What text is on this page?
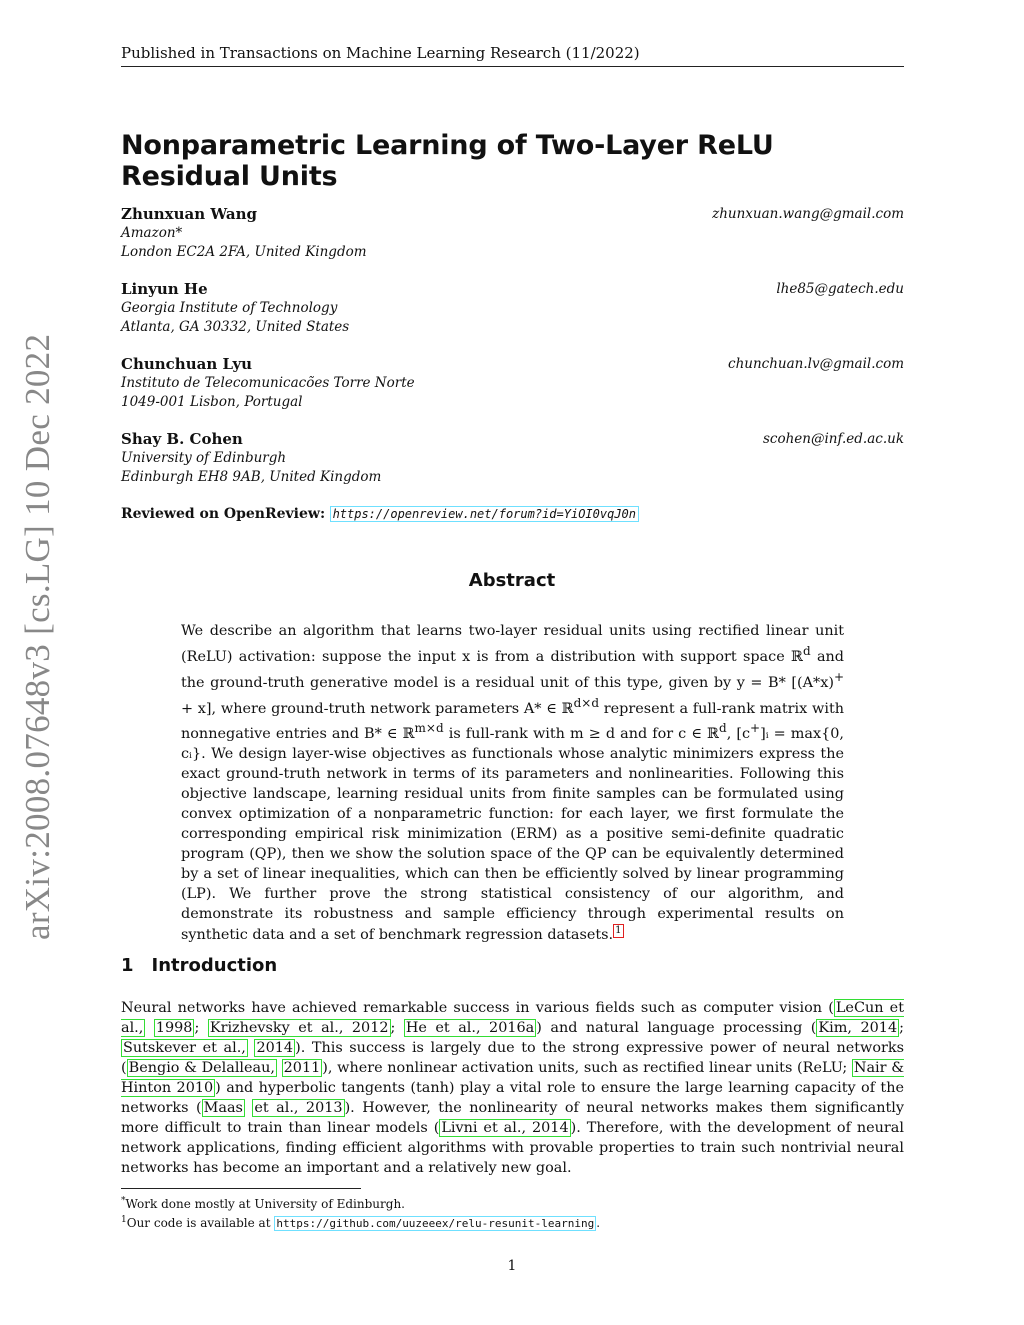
Published in Transactions on Machine Learning Research (11/2022)
Nonparametric Learning of Two-Layer ReLU Residual Units
Zhunxuan Wang
Amazon*
London EC2A 2FA, United Kingdom
zhunxuan.wang@gmail.com
Linyun He
Georgia Institute of Technology
Atlanta, GA 30332, United States
lhe85@gatech.edu
Chunchuan Lyu
Instituto de Telecomunicacões Torre Norte
1049-001 Lisbon, Portugal
chunchuan.lv@gmail.com
Shay B. Cohen
University of Edinburgh
Edinburgh EH8 9AB, United Kingdom
scohen@inf.ed.ac.uk
Reviewed on OpenReview: https://openreview.net/forum?id=YiOI0vqJ0n
Abstract
We describe an algorithm that learns two-layer residual units using rectified linear unit (ReLU) activation: suppose the input x is from a distribution with support space ℝ$^d$ and the ground-truth generative model is a residual unit of this type, given by y = B* [(A*x)+ + x], where ground-truth network parameters A* ∈ ℝ$^{d\times d}$ represent a full-rank matrix with nonnegative entries and B* ∈ ℝ$^{m\times d}$ is full-rank with m ≥ d and for c ∈ ℝ$^d$, [c+]ᵢ = max{0, cᵢ}. We design layer-wise objectives as functionals whose analytic minimizers express the exact ground-truth network in terms of its parameters and nonlinearities. Following this objective landscape, learning residual units from finite samples can be formulated using convex optimization of a nonparametric function: for each layer, we first formulate the corresponding empirical risk minimization (ERM) as a positive semi-definite quadratic program (QP), then we show the solution space of the QP can be equivalently determined by a set of linear inequalities, which can then be efficiently solved by linear programming (LP). We further prove the strong statistical consistency of our algorithm, and demonstrate its robustness and sample efficiency through experimental results on synthetic data and a set of benchmark regression datasets. 1
1 Introduction
Neural networks have achieved remarkable success in various fields such as computer vision ( LeCun et al., 1998 ; Krizhevsky et al., 2012 ; He et al., 2016a ) and natural language processing ( Kim, 2014 ; Sutskever et al., 2014 ). This success is largely due to the strong expressive power of neural networks ( Bengio & Delalleau, 2011 ), where nonlinear activation units, such as rectified linear units (ReLU; Nair & Hinton 2010 ) and hyperbolic tangents (tanh) play a vital role to ensure the large learning capacity of the networks ( Maas et al., 2013 ). However, the nonlinearity of neural networks makes them significantly more difficult to train than linear models ( Livni et al., 2014 ). Therefore, with the development of neural network applications, finding efficient algorithms with provable properties to train such nontrivial neural networks has become an important and a relatively new goal.
*Work done mostly at University of Edinburgh.
$^1$Our code is available at https://github.com/uuzeeex/relu-resunit-learning .
1
arXiv:2008.07648v3 [cs.LG] 10 Dec 2022
